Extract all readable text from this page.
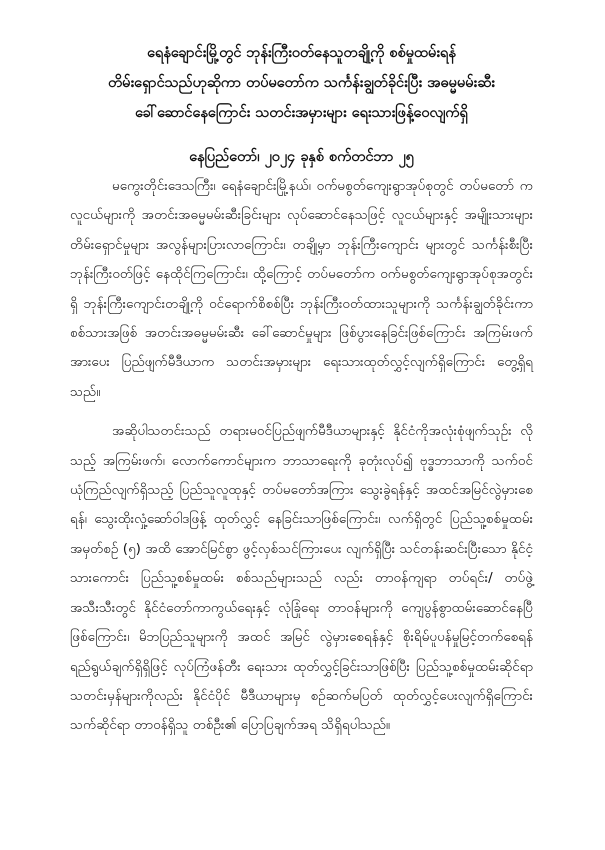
ရေနံချောင်းမြို့တွင် ဘုန်းကြီးဝတ်နေသူတချို့ကို စစ်မှုထမ်းရန်

တိမ်းရှောင်သည်ဟုဆိုကာ တပ်မတော်က သင်္ကန်းချွတ်ခိုင်းပြီး အဓမ္မမမ်းဆီး

ခေါ်ဆောင်နေကြောင်း သတင်းအမှားများ ရေးသားဖြန့်ဝေလျက်ရှိ

နေပြည်တော်၊ ၂၀၂၄ ခုနှစ် စက်တင်ဘာ ၂၅

မကွေးတိုင်းဒေသကြီး၊ ရေနံချောင်းမြို့နယ်၊ ဝက်မစွတ်ကျေးရွာအုပ်စုတွင် တပ်မတော် က လူငယ်များကို အတင်းအဓမ္မမမ်းဆီးခြင်းများ လုပ်ဆောင်နေသဖြင့် လူငယ်များနှင့် အမျိုးသားများ တိမ်းရှောင်မှုများ အလွန်များပြားလာကြောင်း၊ တချို့မှာ ဘုန်းကြီးကျောင်း များတွင် သင်္ကန်းစီးပြီး ဘုန်းကြီးဝတ်ဖြင့် နေထိုင်ကြကြောင်း၊ ထို့ကြောင့် တပ်မတော်က ဝက်မစွတ်ကျေးရွာအုပ်စုအတွင်းရှိ ဘုန်းကြီးကျောင်းတချို့ကို ဝင်ရောက်စိစစ်ပြီး ဘုန်းကြီးဝတ်ထားသူများကို သင်္ကန်းချွတ်ခိုင်းကာ စစ်သားအဖြစ် အတင်းအဓမ္မမမ်းဆီး ခေါ်ဆောင်မှုများ ဖြစ်ပွားနေခြင်းဖြစ်ကြောင်း အကြမ်းဖက်အားပေး ပြည်ဖျက်မီဒီယာက သတင်းအမှားများ ရေးသားထုတ်လွှင့်လျက်ရှိကြောင်း တွေ့ရှိရသည်။

အဆိုပါသတင်းသည် တရားမဝင်ပြည်ဖျက်မီဒီယာများနှင့် နိုင်ငံကိုအလုံးစုံဖျက်သုဉ်း လိုသည့် အကြမ်းဖက်၊ လောက်ကောင်များက ဘာသာရေးကို ခုတုံးလုပ်၍ ဗုဒ္ဓဘာသာကို သက်ဝင်ယုံကြည်လျက်ရှိသည့် ပြည်သူလူထုနှင့် တပ်မတော်အကြား သွေးခွဲရန်နှင့် အထင်အမြင်လွဲမှားစေရန်၊ သွေးထိုးလှုံ့ဆော်ဝါဒဖြန့် ထုတ်လွှင့် နေခြင်းသာဖြစ်ကြောင်း၊ လက်ရှိတွင် ပြည်သူ့စစ်မှုထမ်းအမှတ်စဉ် (၅) အထိ အောင်မြင်စွာ ဖွင့်လှစ်သင်ကြားပေး လျက်ရှိပြီး သင်တန်းဆင်းပြီးသော နိုင်ငံ့သားကောင်း ပြည်သူ့စစ်မှုထမ်း စစ်သည်များသည် လည်း တာဝန်ကျရာ တပ်ရင်း/ တပ်ဖွဲ့အသီးသီးတွင် နိုင်ငံတော်ကာကွယ်ရေးနှင့် လုံခြုံရေး တာဝန်များကို ကျေပွန်စွာထမ်းဆောင်နေပြီဖြစ်ကြောင်း၊ မိဘပြည်သူများကို အထင် အမြင် လွဲမှားစေရန်နှင့် စိုးရိမ်ပူပန်မှုမြင့်တက်စေရန် ရည်ရွယ်ချက်ရှိရှိဖြင့် လုပ်ကြံဖန်တီး ရေးသား ထုတ်လွှင့်ခြင်းသာဖြစ်ပြီး ပြည်သူ့စစ်မှုထမ်းဆိုင်ရာ သတင်းမှန်များကိုလည်း နိုင်ငံပိုင် မီဒီယာများမှ စဉ်ဆက်မပြတ် ထုတ်လွှင့်ပေးလျက်ရှိကြောင်း သက်ဆိုင်ရာ တာဝန်ရှိသူ တစ်ဦး၏ ပြောပြချက်အရ သိရှိရပါသည်။
